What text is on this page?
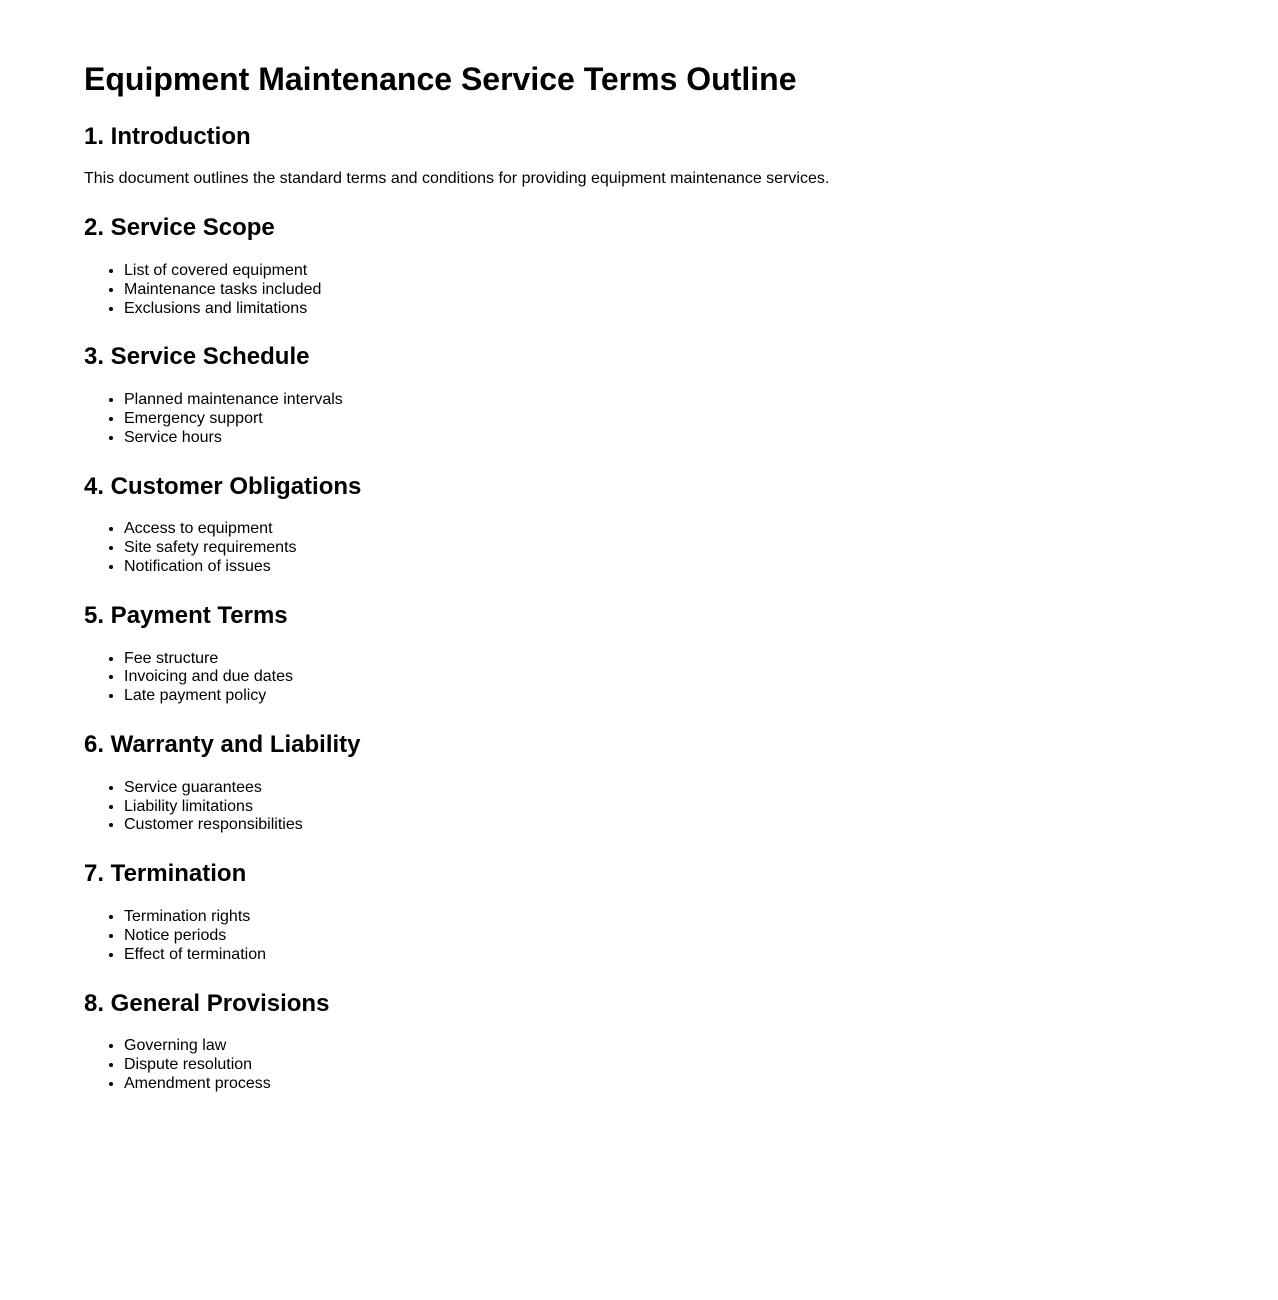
Equipment Maintenance Service Terms Outline
1. Introduction

This document outlines the standard terms and conditions for providing equipment maintenance services.

2. Service Scope
• List of covered equipment
• Maintenance tasks included
• Exclusions and limitations
3. Service Schedule
• Planned maintenance intervals
• Emergency support
• Service hours
4. Customer Obligations
• Access to equipment
• Site safety requirements
• Notification of issues
5. Payment Terms
• Fee structure
• Invoicing and due dates
• Late payment policy
6. Warranty and Liability
• Service guarantees
• Liability limitations
• Customer responsibilities
7. Termination
• Termination rights
• Notice periods
• Effect of termination
8. General Provisions
• Governing law
• Dispute resolution
• Amendment process
